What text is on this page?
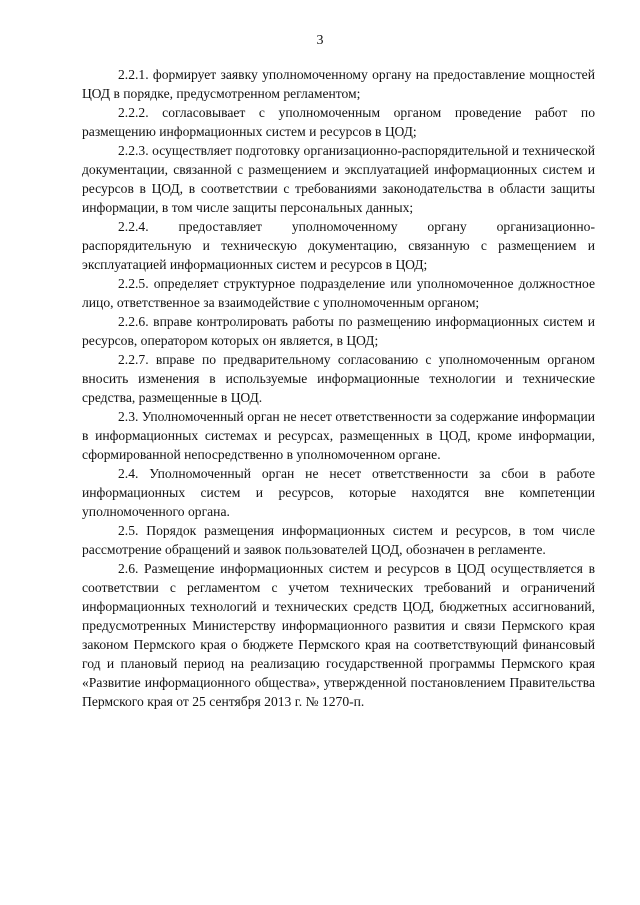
3

2.2.1. формирует заявку уполномоченному органу на предоставление мощностей ЦОД в порядке, предусмотренном регламентом;

2.2.2. согласовывает с уполномоченным органом проведение работ по размещению информационных систем и ресурсов в ЦОД;

2.2.3. осуществляет подготовку организационно-распорядительной и технической документации, связанной с размещением и эксплуатацией информационных систем и ресурсов в ЦОД, в соответствии с требованиями законодательства в области защиты информации, в том числе защиты персональных данных;

2.2.4. предоставляет уполномоченному органу организационно-распорядительную и техническую документацию, связанную с размещением и эксплуатацией информационных систем и ресурсов в ЦОД;

2.2.5. определяет структурное подразделение или уполномоченное должностное лицо, ответственное за взаимодействие с уполномоченным органом;

2.2.6. вправе контролировать работы по размещению информационных систем и ресурсов, оператором которых он является, в ЦОД;

2.2.7. вправе по предварительному согласованию с уполномоченным органом вносить изменения в используемые информационные технологии и технические средства, размещенные в ЦОД.

2.3. Уполномоченный орган не несет ответственности за содержание информации в информационных системах и ресурсах, размещенных в ЦОД, кроме информации, сформированной непосредственно в уполномоченном органе.

2.4. Уполномоченный орган не несет ответственности за сбои в работе информационных систем и ресурсов, которые находятся вне компетенции уполномоченного органа.

2.5. Порядок размещения информационных систем и ресурсов, в том числе рассмотрение обращений и заявок пользователей ЦОД, обозначен в регламенте.

2.6. Размещение информационных систем и ресурсов в ЦОД осуществляется в соответствии с регламентом с учетом технических требований и ограничений информационных технологий и технических средств ЦОД, бюджетных ассигнований, предусмотренных Министерству информационного развития и связи Пермского края законом Пермского края о бюджете Пермского края на соответствующий финансовый год и плановый период на реализацию государственной программы Пермского края «Развитие информационного общества», утвержденной постановлением Правительства Пермского края от 25 сентября 2013 г. № 1270-п.
